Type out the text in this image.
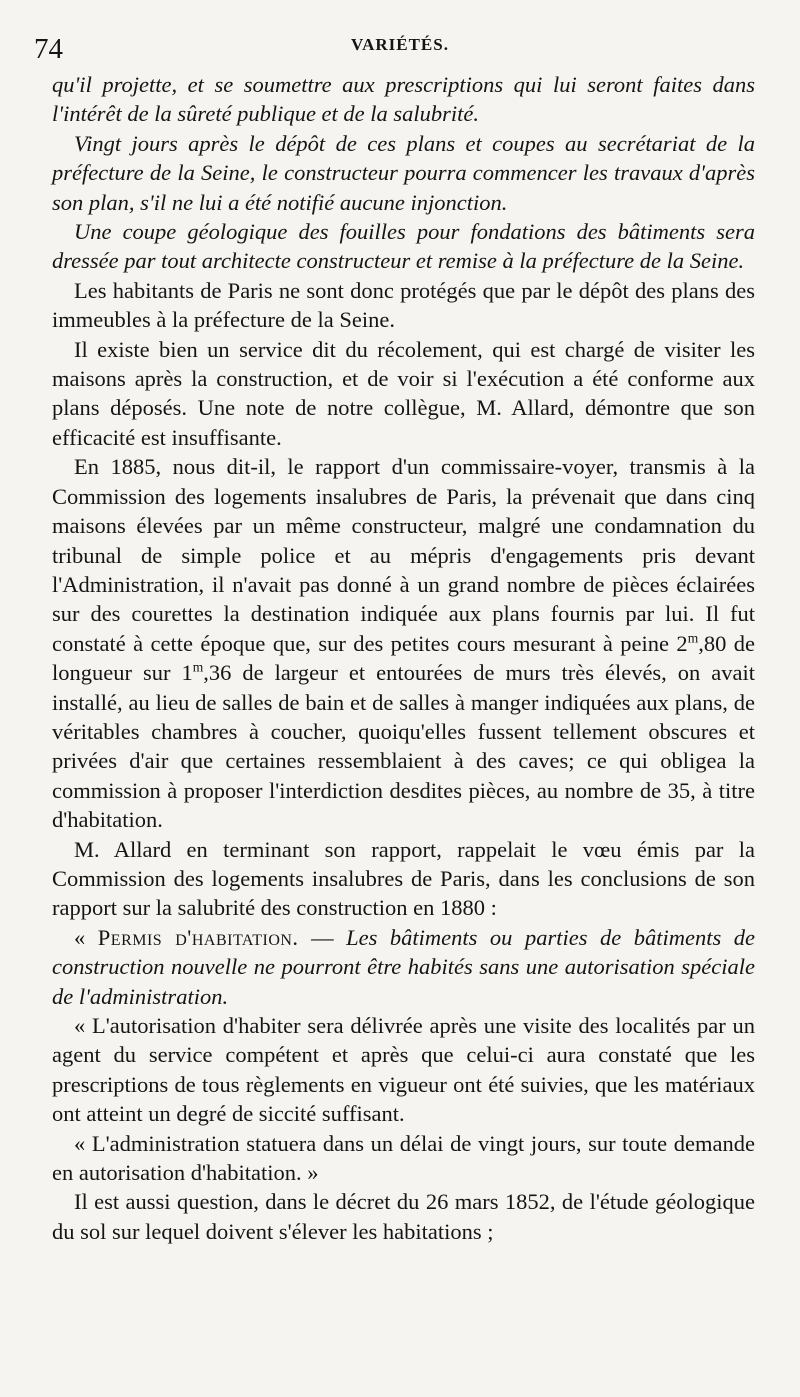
74	VARIÉTÉS.

qu'il projette, et se soumettre aux prescriptions qui lui seront faites dans l'intérêt de la sûreté publique et de la salubrité.

Vingt jours après le dépôt de ces plans et coupes au secrétariat de la préfecture de la Seine, le constructeur pourra commencer les travaux d'après son plan, s'il ne lui a été notifié aucune injonction.

Une coupe géologique des fouilles pour fondations des bâtiments sera dressée par tout architecte constructeur et remise à la préfecture de la Seine.

Les habitants de Paris ne sont donc protégés que par le dépôt des plans des immeubles à la préfecture de la Seine.

Il existe bien un service dit du récolement, qui est chargé de visiter les maisons après la construction, et de voir si l'exécution a été conforme aux plans déposés. Une note de notre collègue, M. Allard, démontre que son efficacité est insuffisante.

En 1885, nous dit-il, le rapport d'un commissaire-voyer, transmis à la Commission des logements insalubres de Paris, la prévenait que dans cinq maisons élevées par un même constructeur, malgré une condamnation du tribunal de simple police et au mépris d'engagements pris devant l'Administration, il n'avait pas donné à un grand nombre de pièces éclairées sur des courettes la destination indiquée aux plans fournis par lui. Il fut constaté à cette époque que, sur des petites cours mesurant à peine 2$^m$,80 de longueur sur 1$^m$,36 de largeur et entourées de murs très élevés, on avait installé, au lieu de salles de bain et de salles à manger indiquées aux plans, de véritables chambres à coucher, quoiqu'elles fussent tellement obscures et privées d'air que certaines ressemblaient à des caves; ce qui obligea la commission à proposer l'interdiction desdites pièces, au nombre de 35, à titre d'habitation.

M. Allard en terminant son rapport, rappelait le vœu émis par la Commission des logements insalubres de Paris, dans les conclusions de son rapport sur la salubrité des construction en 1880 :

« Permis d'habitation. — Les bâtiments ou parties de bâtiments de construction nouvelle ne pourront être habités sans une autorisation spéciale de l'administration.

« L'autorisation d'habiter sera délivrée après une visite des localités par un agent du service compétent et après que celui-ci aura constaté que les prescriptions de tous règlements en vigueur ont été suivies, que les matériaux ont atteint un degré de siccité suffisant.

« L'administration statuera dans un délai de vingt jours, sur toute demande en autorisation d'habitation. »

Il est aussi question, dans le décret du 26 mars 1852, de l'étude géologique du sol sur lequel doivent s'élever les habitations ;
